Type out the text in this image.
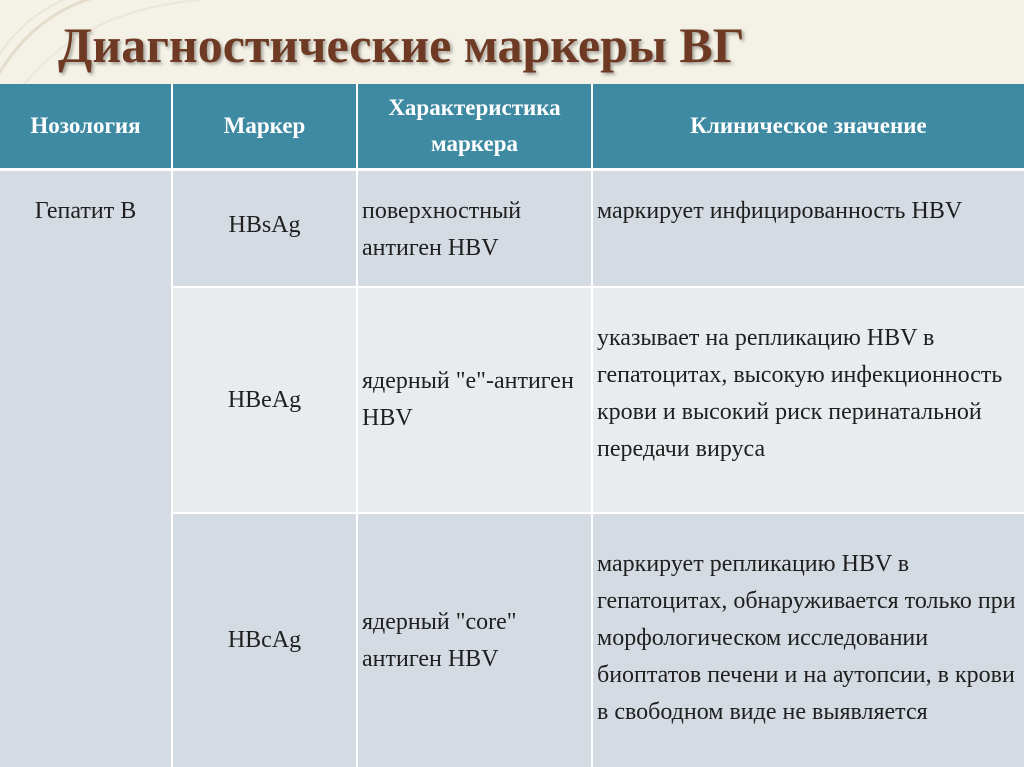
Диагностические маркеры ВГ
Нозология	Маркер	Характеристика маркера	Клиническое значение
Гепатит В	HBsAg	поверхностный антиген HBV	маркирует инфицированность HBV
	HBeAg	ядерный "e"-антиген HBV	указывает на репликацию HBV в гепатоцитах, высокую инфекционность крови и высокий риск перинатальной передачи вируса
	HBcAg	ядерный "core" антиген HBV	маркирует репликацию HBV в гепатоцитах, обнаруживается только при морфологическом исследовании биоптатов печени и на аутопсии, в крови в свободном виде не выявляется
